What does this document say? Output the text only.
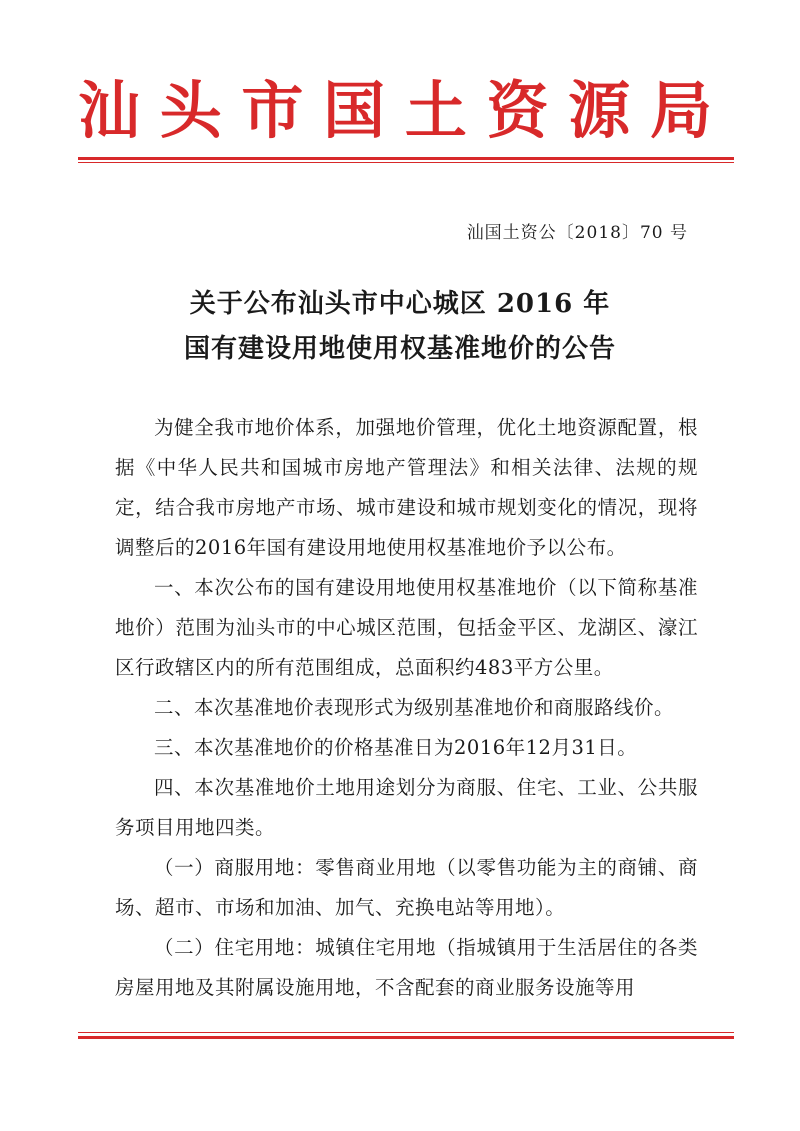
汕头市国土资源局
汕国土资公〔2018〕70 号
关于公布汕头市中心城区 2016 年
国有建设用地使用权基准地价的公告

为健全我市地价体系，加强地价管理，优化土地资源配置，根据《中华人民共和国城市房地产管理法》和相关法律、法规的规定，结合我市房地产市场、城市建设和城市规划变化的情况，现将调整后的2016年国有建设用地使用权基准地价予以公布。

一、本次公布的国有建设用地使用权基准地价（以下简称基准地价）范围为汕头市的中心城区范围，包括金平区、龙湖区、濠江区行政辖区内的所有范围组成，总面积约483平方公里。

二、本次基准地价表现形式为级别基准地价和商服路线价。

三、本次基准地价的价格基准日为2016年12月31日。

四、本次基准地价土地用途划分为商服、住宅、工业、公共服务项目用地四类。

（一）商服用地：零售商业用地（以零售功能为主的商铺、商场、超市、市场和加油、加气、充换电站等用地）。

（二）住宅用地：城镇住宅用地（指城镇用于生活居住的各类房屋用地及其附属设施用地，不含配套的商业服务设施等用
